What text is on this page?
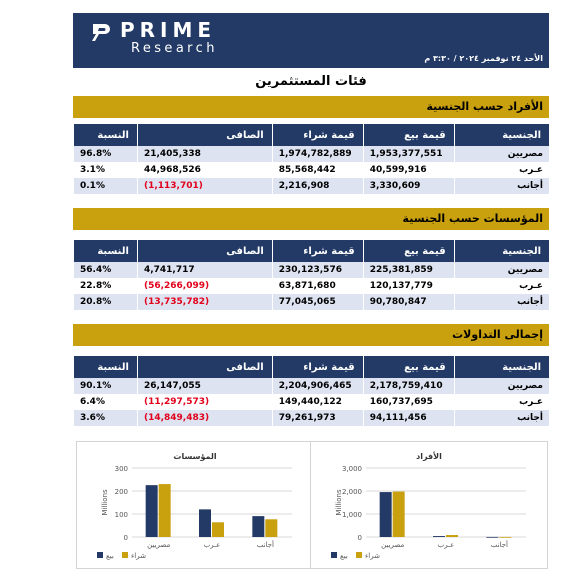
PRIME
Research
الأحد ٢٤ نوفمبر ٢٠٢٤ / ٣:٣٠ م
فئات المستثمرين
الأفراد حسب الجنسية
الجنسية	قيمة بيع	قيمة شراء	الصافى	النسبة
مصريين	1,953,377,551	1,974,782,889	21,405,338	96.8%
عـرب	40,599,916	85,568,442	44,968,526	3.1%
أجانب	3,330,609	2,216,908	(1,113,701)	0.1%
المؤسسات حسب الجنسية
الجنسية	قيمة بيع	قيمة شراء	الصافى	النسبة
مصريين	225,381,859	230,123,576	4,741,717	56.4%
عـرب	120,137,779	63,871,680	(56,266,099)	22.8%
أجانب	90,780,847	77,045,065	(13,735,782)	20.8%
إجمالى التداولات
الجنسية	قيمة بيع	قيمة شراء	الصافى	النسبة
مصريين	2,178,759,410	2,204,906,465	26,147,055	90.1%
عـرب	160,737,695	149,440,122	(11,297,573)	6.4%
أجانب	94,111,456	79,261,973	(14,849,483)	3.6%
المؤسسات
0
100
200
300
Millions
مصريين	عـرب	أجانب
بيع شراء
الأفراد
0
1,000
2,000
3,000
Millions
مصريين	عـرب	أجانب
بيع شراء
